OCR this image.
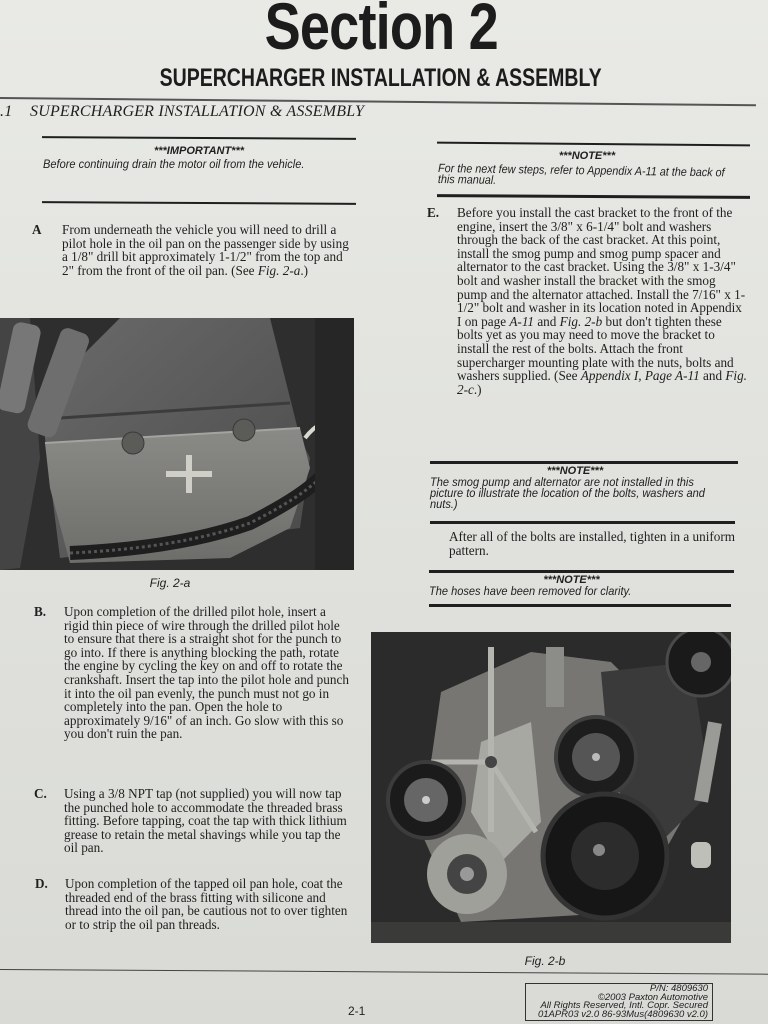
Section 2
SUPERCHARGER INSTALLATION & ASSEMBLY
.1 SUPERCHARGER INSTALLATION & ASSEMBLY
***IMPORTANT***
Before continuing drain the motor oil from the vehicle.
A From underneath the vehicle you will need to drill a pilot hole in the oil pan on the passenger side by using a 1/8" drill bit approximately 1-1/2" from the top and 2" from the front of the oil pan. (See Fig. 2-a.)
Fig. 2-a
B. Upon completion of the drilled pilot hole, insert a rigid thin piece of wire through the drilled pilot hole to ensure that there is a straight shot for the punch to go into. If there is anything blocking the path, rotate the engine by cycling the key on and off to rotate the crankshaft. Insert the tap into the pilot hole and punch it into the oil pan evenly, the punch must not go in completely into the pan. Open the hole to approximately 9/16" of an inch. Go slow with this so you don't ruin the pan.
C. Using a 3/8 NPT tap (not supplied) you will now tap the punched hole to accommodate the threaded brass fitting. Before tapping, coat the tap with thick lithium grease to retain the metal shavings while you tap the oil pan.
D. Upon completion of the tapped oil pan hole, coat the threaded end of the brass fitting with silicone and thread into the oil pan, be cautious not to over tighten or to strip the oil pan threads.
***NOTE***
For the next few steps, refer to Appendix A-11 at the back of this manual.
E. Before you install the cast bracket to the front of the engine, insert the 3/8" x 6-1/4" bolt and washers through the back of the cast bracket. At this point, install the smog pump and smog pump spacer and alternator to the cast bracket. Using the 3/8" x 1-3/4" bolt and washer install the bracket with the smog pump and the alternator attached. Install the 7/16" x 1-1/2" bolt and washer in its location noted in Appendix I on page A-11 and Fig. 2-b but don't tighten these bolts yet as you may need to move the bracket to install the rest of the bolts. Attach the front supercharger mounting plate with the nuts, bolts and washers supplied. (See Appendix I, Page A-11 and Fig. 2-c.)
***NOTE***
The smog pump and alternator are not installed in this picture to illustrate the location of the bolts, washers and nuts.)
After all of the bolts are installed, tighten in a uniform pattern.
***NOTE***
The hoses have been removed for clarity.
Fig. 2-b
2-1
P/N: 4809630
©2003 Paxton Automotive
All Rights Reserved, Intl. Copr. Secured
01APR03 v2.0 86-93Mus(4809630 v2.0)
